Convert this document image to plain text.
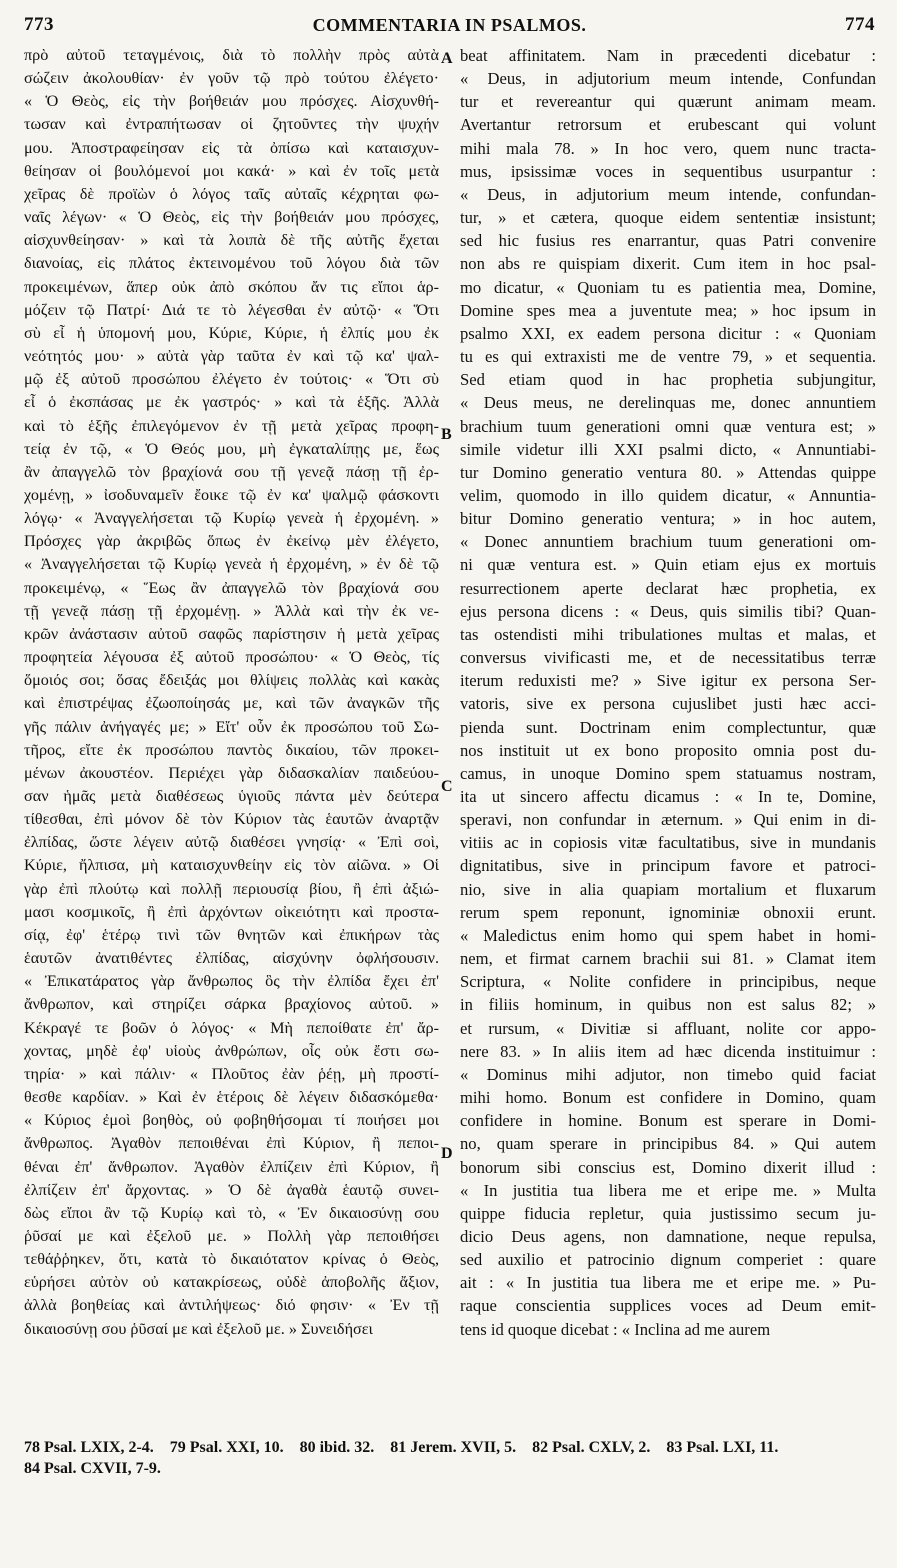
773	COMMENTARIA IN PSALMOS.	774
πρὸ αὐτοῦ τεταγμένοις, διὰ τὸ πολλὴν πρὸς αὐτὰ
σώζειν ἀκολουθίαν· ἐν γοῦν τῷ πρὸ τούτου ἐλέγετο·
« Ὁ Θεὸς, εἰς τὴν βοήθειάν μου πρόσχες. Αἰσχυνθή-
τωσαν καὶ ἐντραπήτωσαν οἱ ζητοῦντες τὴν ψυχήν
μου. Ἀποστραφείησαν εἰς τὰ ὀπίσω καὶ καταισχυν-
θείησαν οἱ βουλόμενοί μοι κακά· » καὶ ἐν τοῖς μετὰ
χεῖρας δὲ προϊὼν ὁ λόγος ταῖς αὐταῖς κέχρηται φω-
ναῖς λέγων· « Ὁ Θεὸς, εἰς τὴν βοήθειάν μου πρόσχες,
αἰσχυνθείησαν· » καὶ τὰ λοιπὰ δὲ τῆς αὐτῆς ἔχεται
διανοίας, εἰς πλάτος ἐκτεινομένου τοῦ λόγου διὰ τῶν
προκειμένων, ἅπερ οὐκ ἀπὸ σκόπου ἄν τις εἴποι ἁρ-
μόζειν τῷ Πατρί· Διά τε τὸ λέγεσθαι ἐν αὐτῷ· « Ὅτι
σὺ εἶ ἡ ὑπομονή μου, Κύριε, Κύριε, ἡ ἐλπίς μου ἐκ
νεότητός μου· » αὐτὰ γὰρ ταῦτα ἐν καὶ τῷ κα' ψαλ-
μῷ ἐξ αὐτοῦ προσώπου ἐλέγετο ἐν τούτοις· « Ὅτι σὺ
εἶ ὁ ἐκσπάσας με ἐκ γαστρός· » καὶ τὰ ἑξῆς. Ἀλλὰ
καὶ τὸ ἑξῆς ἐπιλεγόμενον ἐν τῇ μετὰ χεῖρας προφη-
τείᾳ ἐν τῷ, « Ὁ Θεός μου, μὴ ἐγκαταλίπῃς με, ἕως
ἂν ἀπαγγελῶ τὸν βραχίονά σου τῇ γενεᾷ πάσῃ τῇ ἐρ-
χομένῃ, » ἰσοδυναμεῖν ἔοικε τῷ ἐν κα' ψαλμῷ φάσκοντι
λόγῳ· « Ἀναγγελήσεται τῷ Κυρίῳ γενεὰ ἡ ἐρχομένη. »
Πρόσχες γὰρ ἀκριβῶς ὅπως ἐν ἐκείνῳ μὲν ἐλέγετο,
« Ἀναγγελήσεται τῷ Κυρίῳ γενεὰ ἡ ἐρχομένη, » ἐν δὲ τῷ
προκειμένῳ, « Ἕως ἂν ἀπαγγελῶ τὸν βραχίονά σου
τῇ γενεᾷ πάσῃ τῇ ἐρχομένῃ. » Ἀλλὰ καὶ τὴν ἐκ νε-
κρῶν ἀνάστασιν αὐτοῦ σαφῶς παρίστησιν ἡ μετὰ χεῖρας
προφητεία λέγουσα ἐξ αὐτοῦ προσώπου· « Ὁ Θεὸς, τίς
ὅμοιός σοι; ὅσας ἔδειξάς μοι θλίψεις πολλὰς καὶ κακὰς
καὶ ἐπιστρέψας ἐζωοποίησάς με, καὶ τῶν ἀναγκῶν τῆς
γῆς πάλιν ἀνήγαγές με; » Εἴτ' οὖν ἐκ προσώπου τοῦ Σω-
τῆρος, εἴτε ἐκ προσώπου παντὸς δικαίου, τῶν προκει-
μένων ἀκουστέον. Περιέχει γὰρ διδασκαλίαν παιδεύου-
σαν ἡμᾶς μετὰ διαθέσεως ὑγιοῦς πάντα μὲν δεύτερα
τίθεσθαι, ἐπὶ μόνον δὲ τὸν Κύριον τὰς ἑαυτῶν ἀναρτᾷν
ἐλπίδας, ὥστε λέγειν αὐτῷ διαθέσει γνησίᾳ· « Ἐπὶ σοὶ,
Κύριε, ἤλπισα, μὴ καταισχυνθείην εἰς τὸν αἰῶνα. » Οἱ
γὰρ ἐπὶ πλούτῳ καὶ πολλῇ περιουσίᾳ βίου, ἢ ἐπὶ ἀξιώ-
μασι κοσμικοῖς, ἢ ἐπὶ ἀρχόντων οἰκειότητι καὶ προστα-
σίᾳ, ἐφ' ἑτέρῳ τινὶ τῶν θνητῶν καὶ ἐπικήρων τὰς
ἑαυτῶν ἀνατιθέντες ἐλπίδας, αἰσχύνην ὀφλήσουσιν.
« Ἐπικατάρατος γὰρ ἄνθρωπος ὃς τὴν ἐλπίδα ἔχει ἐπ'
ἄνθρωπον, καὶ στηρίζει σάρκα βραχίονος αὐτοῦ. »
Κέκραγέ τε βοῶν ὁ λόγος· « Μὴ πεποίθατε ἐπ' ἄρ-
χοντας, μηδὲ ἐφ' υἱοὺς ἀνθρώπων, οἷς οὐκ ἔστι σω-
τηρία· » καὶ πάλιν· « Πλοῦτος ἐὰν ῥέῃ, μὴ προστί-
θεσθε καρδίαν. » Καὶ ἐν ἑτέροις δὲ λέγειν διδασκόμεθα·
« Κύριος ἐμοὶ βοηθὸς, οὐ φοβηθήσομαι τί ποιήσει μοι
ἄνθρωπος. Ἀγαθὸν πεποιθέναι ἐπὶ Κύριον, ἢ πεποι-
θέναι ἐπ' ἄνθρωπον. Ἀγαθὸν ἐλπίζειν ἐπὶ Κύριον, ἢ
ἐλπίζειν ἐπ' ἄρχοντας. » Ὁ δὲ ἀγαθὰ ἑαυτῷ συνει-
δὼς εἴποι ἂν τῷ Κυρίῳ καὶ τὸ, « Ἐν δικαιοσύνῃ σου
ῥῦσαί με καὶ ἐξελοῦ με. » Πολλὴ γὰρ πεποιθήσει
τεθάῤῥηκεν, ὅτι, κατὰ τὸ δικαιότατον κρίνας ὁ Θεὸς,
εὑρήσει αὐτὸν οὐ κατακρίσεως, οὐδὲ ἀποβολῆς ἄξιον,
ἀλλὰ βοηθείας καὶ ἀντιλήψεως· διό φησιν· « Ἐν τῇ
δικαιοσύνῃ σου ῥῦσαί με καὶ ἐξελοῦ με. » Συνειδήσει
beat affinitatem. Nam in præcedenti dicebatur :
« Deus, in adjutorium meum intende, Confundan
tur et revereantur qui quærunt animam meam.
Avertantur retrorsum et erubescant qui volunt
mihi mala 78. » In hoc vero, quem nunc tracta-
mus, ipsissimæ voces in sequentibus usurpantur :
« Deus, in adjutorium meum intende, confundan-
tur, » et cætera, quoque eidem sententiæ insistunt;
sed hic fusius res enarrantur, quas Patri convenire
non abs re quispiam dixerit. Cum item in hoc psal-
mo dicatur, « Quoniam tu es patientia mea, Domine,
Domine spes mea a juventute mea; » hoc ipsum in
psalmo XXI, ex eadem persona dicitur : « Quoniam
tu es qui extraxisti me de ventre 79, » et sequentia.
Sed etiam quod in hac prophetia subjungitur,
« Deus meus, ne derelinquas me, donec annuntiem
brachium tuum generationi omni quæ ventura est; »
simile videtur illi XXI psalmi dicto, « Annuntiabi-
tur Domino generatio ventura 80. » Attendas quippe
velim, quomodo in illo quidem dicatur, « Annuntia-
bitur Domino generatio ventura; » in hoc autem,
« Donec annuntiem brachium tuum generationi om-
ni quæ ventura est. » Quin etiam ejus ex mortuis
resurrectionem aperte declarat hæc prophetia, ex
ejus persona dicens : « Deus, quis similis tibi? Quan-
tas ostendisti mihi tribulationes multas et malas, et
conversus vivificasti me, et de necessitatibus terræ
iterum reduxisti me? » Sive igitur ex persona Ser-
vatoris, sive ex persona cujuslibet justi hæc acci-
pienda sunt. Doctrinam enim complectuntur, quæ
nos instituit ut ex bono proposito omnia post du-
camus, in unoque Domino spem statuamus nostram,
ita ut sincero affectu dicamus : « In te, Domine,
speravi, non confundar in æternum. » Qui enim in di-
vitiis ac in copiosis vitæ facultatibus, sive in mundanis
dignitatibus, sive in principum favore et patroci-
nio, sive in alia quapiam mortalium et fluxarum
rerum spem reponunt, ignominiæ obnoxii erunt.
« Maledictus enim homo qui spem habet in homi-
nem, et firmat carnem brachii sui 81. » Clamat item
Scriptura, « Nolite confidere in principibus, neque
in filiis hominum, in quibus non est salus 82; »
et rursum, « Divitiæ si affluant, nolite cor appo-
nere 83. » In aliis item ad hæc dicenda instituimur :
« Dominus mihi adjutor, non timebo quid faciat
mihi homo. Bonum est confidere in Domino, quam
confidere in homine. Bonum est sperare in Domi-
no, quam sperare in principibus 84. » Qui autem
bonorum sibi conscius est, Domino dixerit illud :
« In justitia tua libera me et eripe me. » Multa
quippe fiducia repletur, quia justissimo secum ju-
dicio Deus agens, non damnatione, neque repulsa,
sed auxilio et patrocinio dignum comperiet : quare
ait : « In justitia tua libera me et eripe me. » Pu-
raque conscientia supplices voces ad Deum emit-
tens id quoque dicebat : « Inclina ad me aurem
A
B
C
D
78 Psal. LXIX, 2-4. 79 Psal. XXI, 10. 80 ibid. 32. 81 Jerem. XVII, 5. 82 Psal. CXLV, 2. 83 Psal. LXI, 11.
84 Psal. CXVII, 7-9.
